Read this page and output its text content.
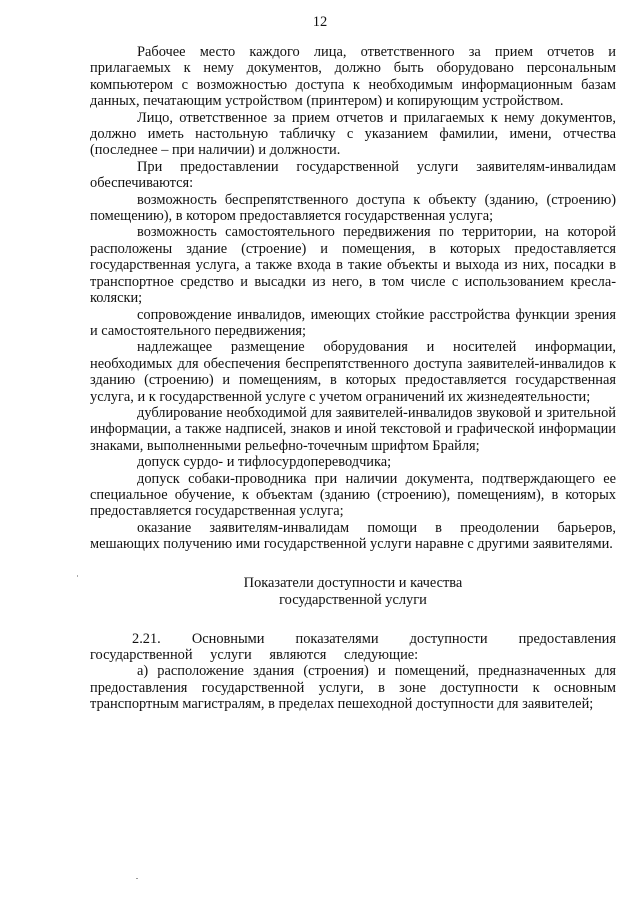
12

Рабочее место каждого лица, ответственного за прием отчетов и прилагаемых к нему документов, должно быть оборудовано персональным компьютером с возможностью доступа к необходимым информационным базам данных, печатающим устройством (принтером) и копирующим устройством.

Лицо, ответственное за прием отчетов и прилагаемых к нему документов, должно иметь настольную табличку с указанием фамилии, имени, отчества (последнее – при наличии) и должности.

При предоставлении государственной услуги заявителям-инвалидам обеспечиваются:

возможность беспрепятственного доступа к объекту (зданию, (строению) помещению), в котором предоставляется государственная услуга;

возможность самостоятельного передвижения по территории, на которой расположены здание (строение) и помещения, в которых предоставляется государственная услуга, а также входа в такие объекты и выхода из них, посадки в транспортное средство и высадки из него, в том числе с использованием кресла-коляски;

сопровождение инвалидов, имеющих стойкие расстройства функции зрения и самостоятельного передвижения;

надлежащее размещение оборудования и носителей информации, необходимых для обеспечения беспрепятственного доступа заявителей-инвалидов к зданию (строению) и помещениям, в которых предоставляется государственная услуга, и к государственной услуге с учетом ограничений их жизнедеятельности;

дублирование необходимой для заявителей-инвалидов звуковой и зрительной информации, а также надписей, знаков и иной текстовой и графической информации знаками, выполненными рельефно-точечным шрифтом Брайля;

допуск сурдо- и тифлосурдопереводчика;

допуск собаки-проводника при наличии документа, подтверждающего ее специальное обучение, к объектам (зданию (строению), помещениям), в которых предоставляется государственная услуга;

оказание заявителям-инвалидам помощи в преодолении барьеров, мешающих получению ими государственной услуги наравне с другими заявителями.

Показатели доступности и качества
государственной услуги

2.21. Основными показателями доступности предоставления государственной услуги являются следующие:

а) расположение здания (строения) и помещений, предназначенных для предоставления государственной услуги, в зоне доступности к основным транспортным магистралям, в пределах пешеходной доступности для заявителей;
